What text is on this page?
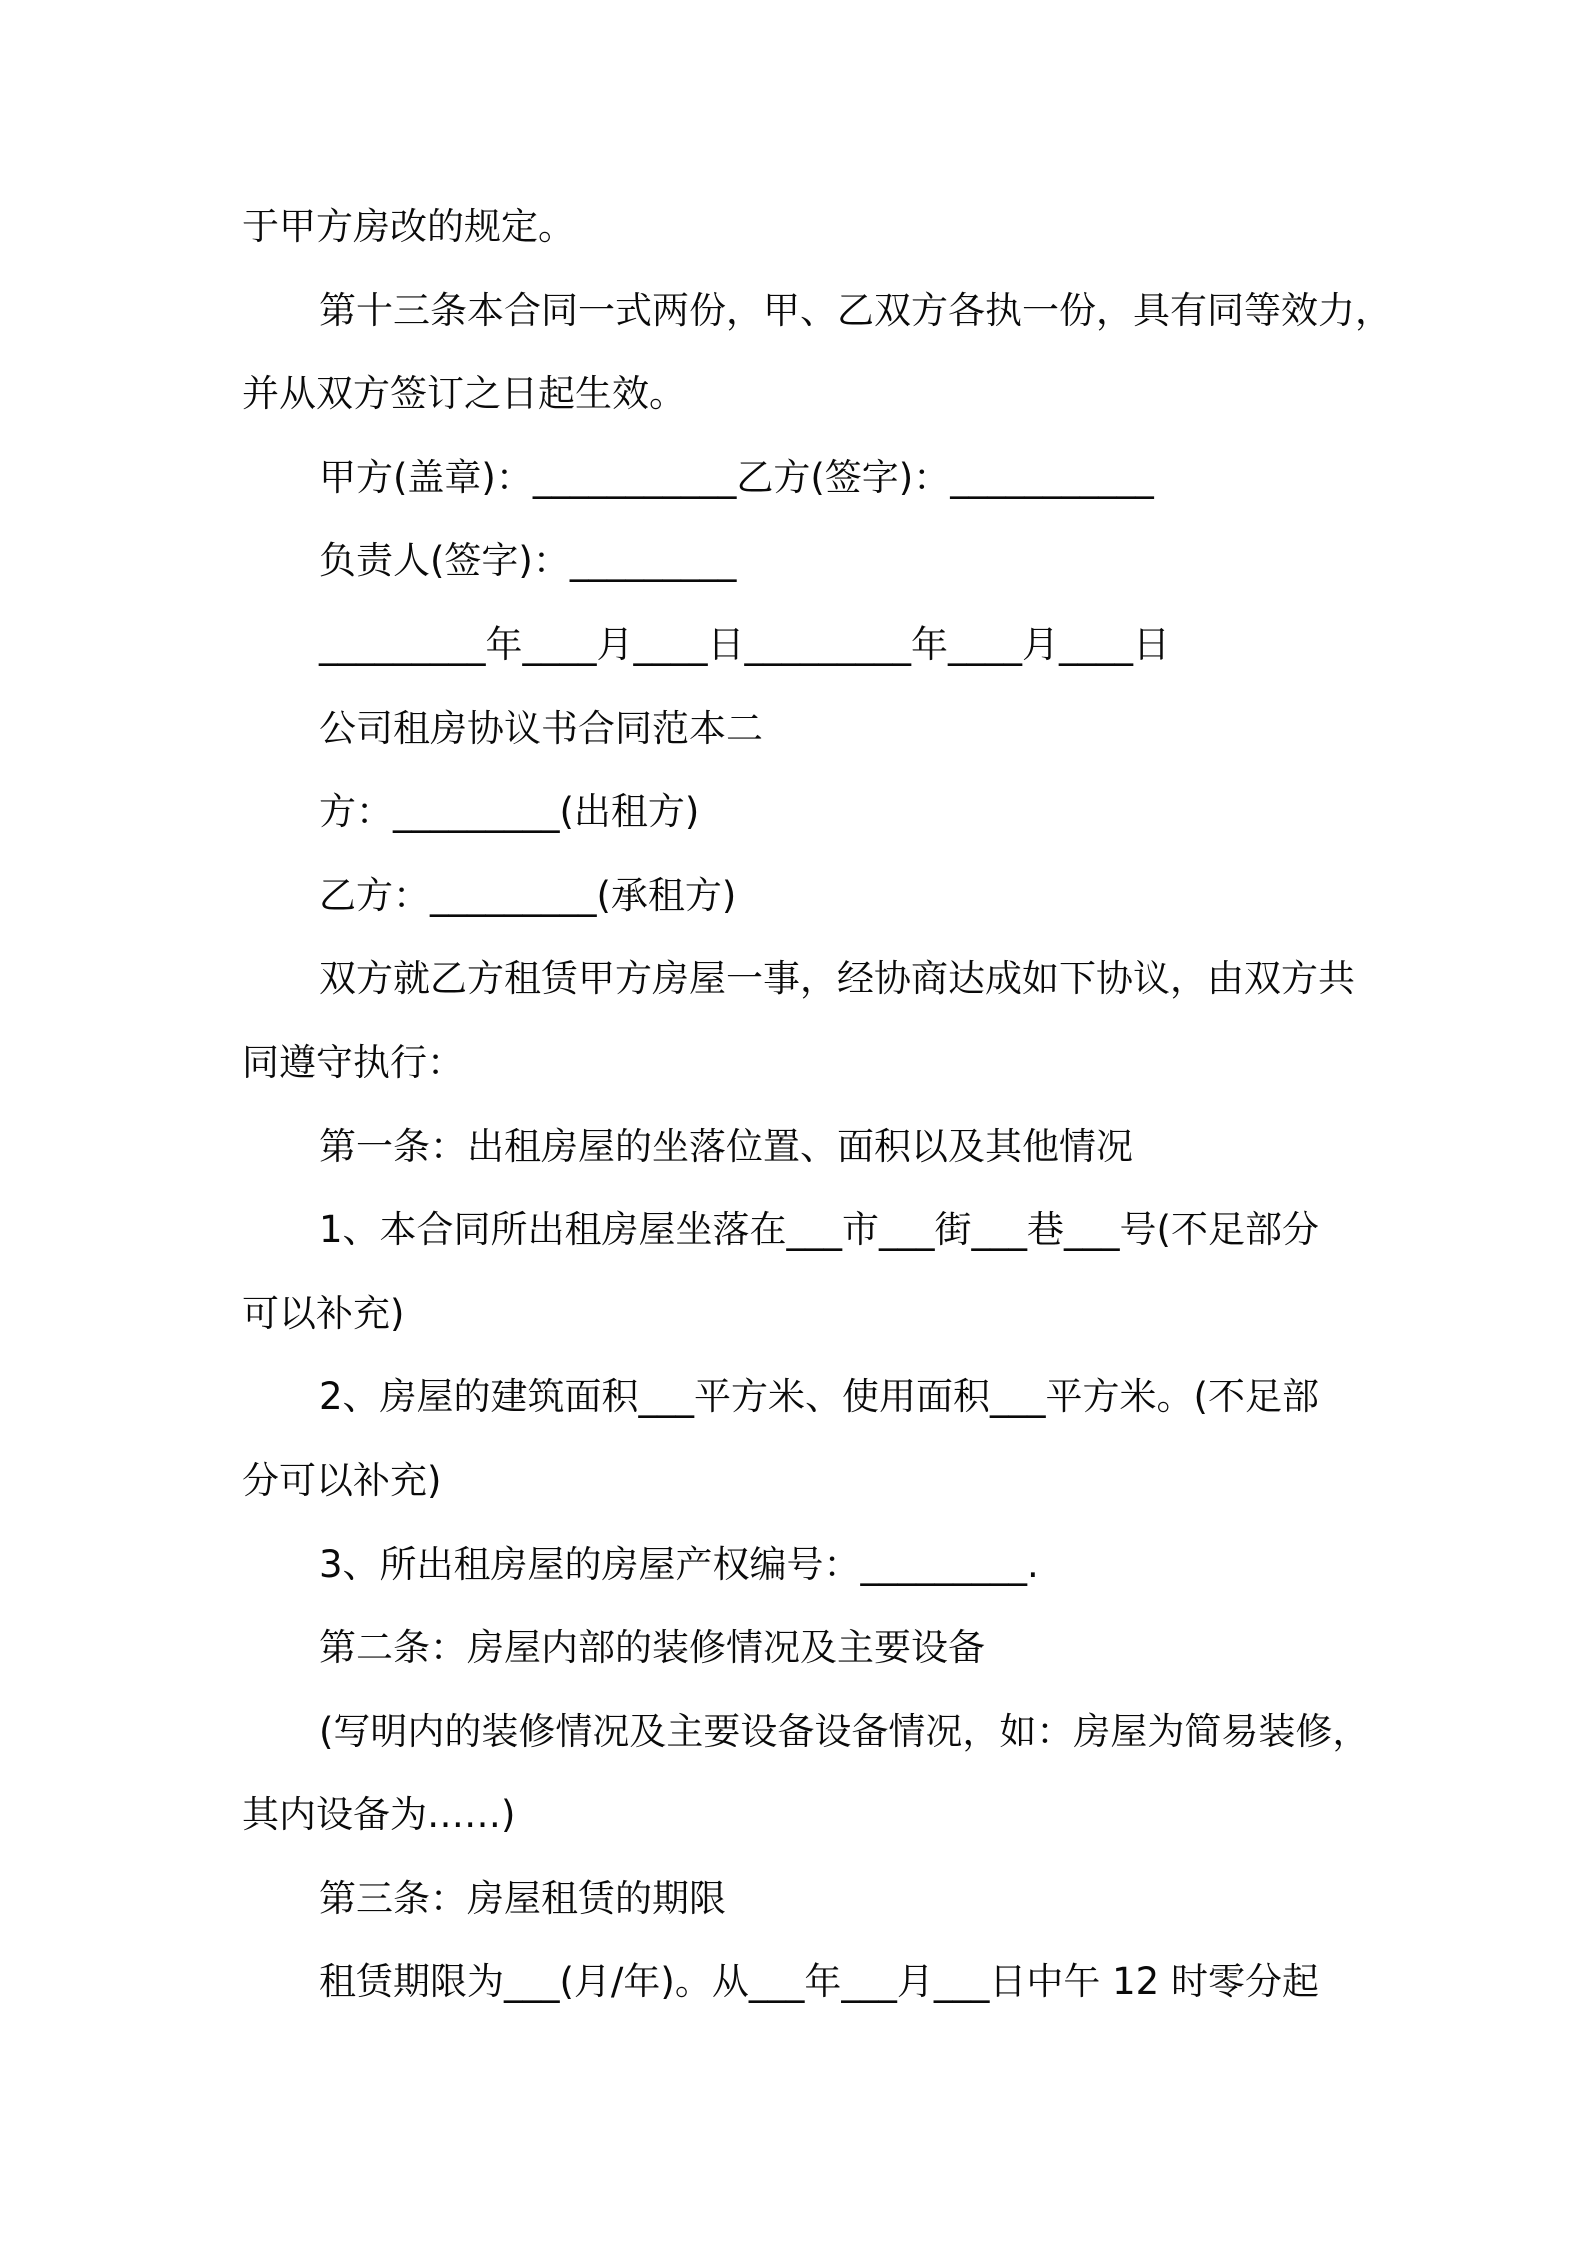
于甲方房改的规定。
第十三条本合同一式两份，甲、乙双方各执一份，具有同等效力，
并从双方签订之日起生效。
甲方(盖章)：___________乙方(签字)：___________
负责人(签字)：_________
_________年____月____日_________年____月____日
公司租房协议书合同范本二
方：_________(出租方)
乙方：_________(承租方)
双方就乙方租赁甲方房屋一事，经协商达成如下协议，由双方共
同遵守执行：
第一条：出租房屋的坐落位置、面积以及其他情况
1、本合同所出租房屋坐落在___市___街___巷___号(不足部分
可以补充)
2、房屋的建筑面积___平方米、使用面积___平方米。(不足部
分可以补充)
3、所出租房屋的房屋产权编号：_________.
第二条：房屋内部的装修情况及主要设备
(写明内的装修情况及主要设备设备情况，如：房屋为简易装修，
其内设备为……)
第三条：房屋租赁的期限
租赁期限为___(月/年)。从___年___月___日中午 12 时零分起
